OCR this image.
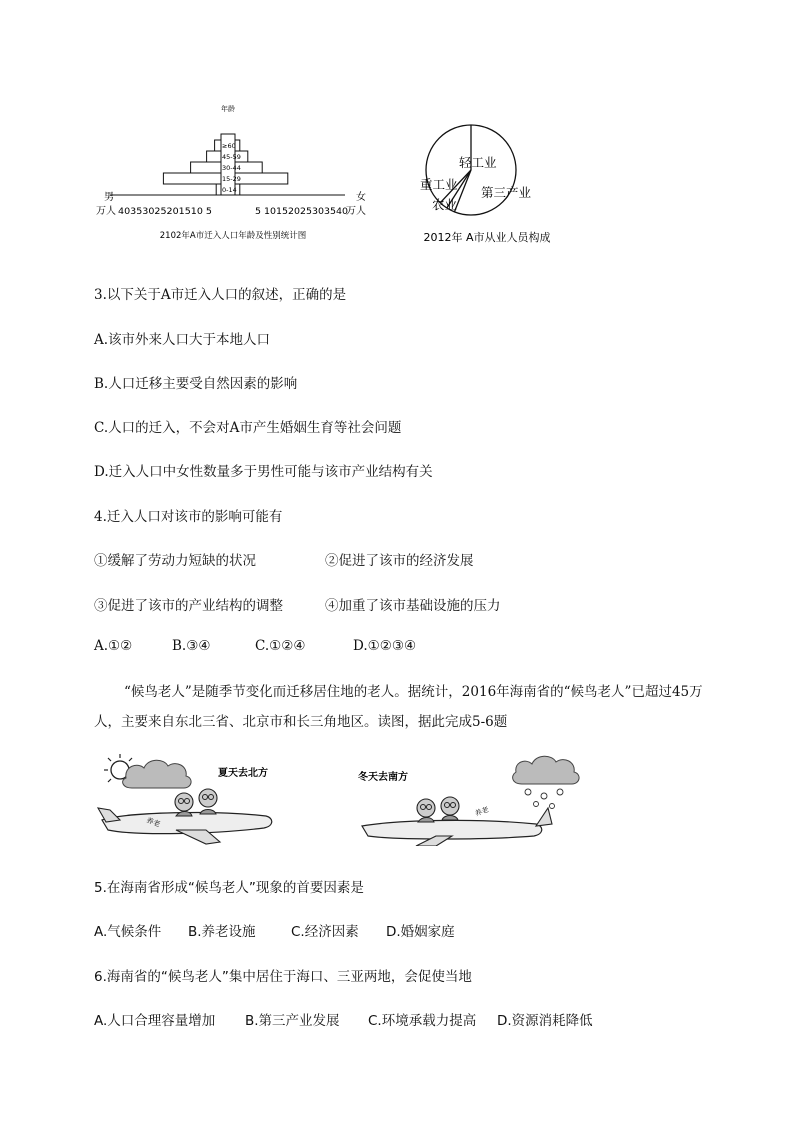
0-14
15-29
30-44
45-59
≥60
年龄
男
万人
女
万人
4035302520151​0 5	5 1015202530354​0
2102年A市迁入人口年龄及性别统计图
轻工业
重工业
农业
第三产业
2012年 A市从业人员构成
3.以下关于A市迁入人口的叙述，正确的是
A.该市外来人口大于本地人口
B.人口迁移主要受自然因素的影响
C.人口的迁入，不会对A市产生婚姻生育等社会问题
D.迁入人口中女性数量多于男性可能与该市产业结构有关
4.迁入人口对该市的影响可能有
①缓解了劳动力短缺的状况	②促进了该市的经济发展
③促进了该市的产业结构的调整	④加重了该市基础设施的压力
A.①②	B.③④	C.①②④	D.①②③④
“候鸟老人”是随季节变化而迁移居住地的老人。据统计，2016年海南省的“候鸟老人”已超过45万人，主要来自东北三省、北京市和长三角地区。读图，据此完成5-6题
夏天去北方
养老
冬天去南方
养老
5.在海南省形成“候鸟老人”现象的首要因素是
A.气候条件 B.养老设施	C.经济因素 D.婚姻家庭
6.海南省的“候鸟老人”集中居住于海口、三亚两地，会促使当地
A.人口合理容量增加 B.第三产业发展 C.环境承载力提高 D.资源消耗降低
